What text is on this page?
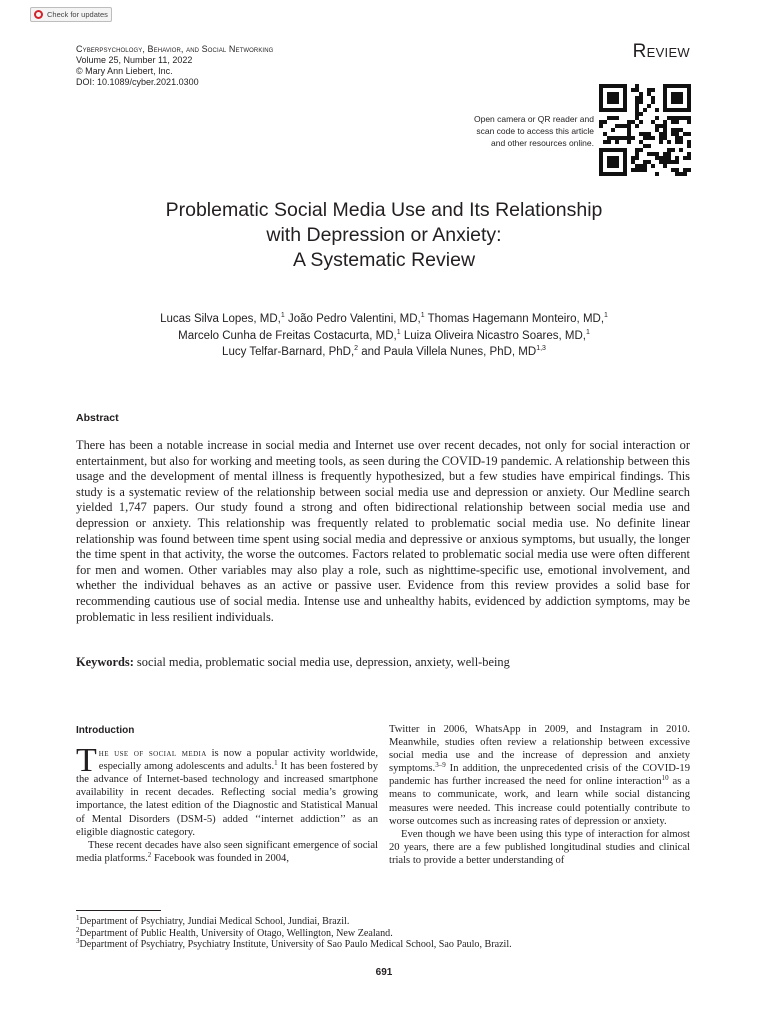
Check for updates
Cyberpsychology, Behavior, and Social Networking
Volume 25, Number 11, 2022
© Mary Ann Liebert, Inc.
DOI: 10.1089/cyber.2021.0300
Review
Open camera or QR reader and
scan code to access this article
and other resources online.
Problematic Social Media Use and Its Relationship
with Depression or Anxiety:
A Systematic Review
Lucas Silva Lopes, MD,$^1$ João Pedro Valentini, MD,$^1$ Thomas Hagemann Monteiro, MD,$^1$
Marcelo Cunha de Freitas Costacurta, MD,$^1$ Luiza Oliveira Nicastro Soares, MD,$^1$
Lucy Telfar-Barnard, PhD,$^2$ and Paula Villela Nunes, PhD, MD$^{1,3}$
Abstract
There has been a notable increase in social media and Internet use over recent decades, not only for social interaction or entertainment, but also for working and meeting tools, as seen during the COVID-19 pandemic. A relationship between this usage and the development of mental illness is frequently hypothesized, but a few studies have empirical findings. This study is a systematic review of the relationship between social media use and depression or anxiety. Our Medline search yielded 1,747 papers. Our study found a strong and often bidirectional relationship between social media use and depression or anxiety. This relationship was frequently related to problematic social media use. No definite linear relationship was found between time spent using social media and depressive or anxious symptoms, but usually, the longer the time spent in that activity, the worse the outcomes. Factors related to problematic social media use were often different for men and women. Other variables may also play a role, such as nighttime-specific use, emotional involvement, and whether the individual behaves as an active or passive user. Evidence from this review provides a solid base for recommending cautious use of social media. Intense use and unhealthy habits, evidenced by addiction symptoms, may be problematic in less resilient individuals.
Keywords: social media, problematic social media use, depression, anxiety, well-being
Introduction

The use of social media is now a popular activity worldwide, especially among adolescents and adults.$^1$ It has been fostered by the advance of Internet-based technology and increased smartphone availability in recent decades. Reflecting social media’s growing importance, the latest edition of the Diagnostic and Statistical Manual of Mental Disorders (DSM-5) added ‘‘internet addiction’’ as an eligible diagnostic category.

These recent decades have also seen significant emergence of social media platforms.$^2$ Facebook was founded in 2004,

Twitter in 2006, WhatsApp in 2009, and Instagram in 2010. Meanwhile, studies often review a relationship between excessive social media use and the increase of depression and anxiety symptoms.$^{3-9}$ In addition, the unprecedented crisis of the COVID-19 pandemic has further increased the need for online interaction$^{10}$ as a means to communicate, work, and learn while social distancing measures were needed. This increase could potentially contribute to worse outcomes such as increasing rates of depression or anxiety.

Even though we have been using this type of interaction for almost 20 years, there are a few published longitudinal studies and clinical trials to provide a better understanding of

$^1$Department of Psychiatry, Jundiai Medical School, Jundiai, Brazil.
$^2$Department of Public Health, University of Otago, Wellington, New Zealand.
$^3$Department of Psychiatry, Psychiatry Institute, University of Sao Paulo Medical School, Sao Paulo, Brazil.
691
